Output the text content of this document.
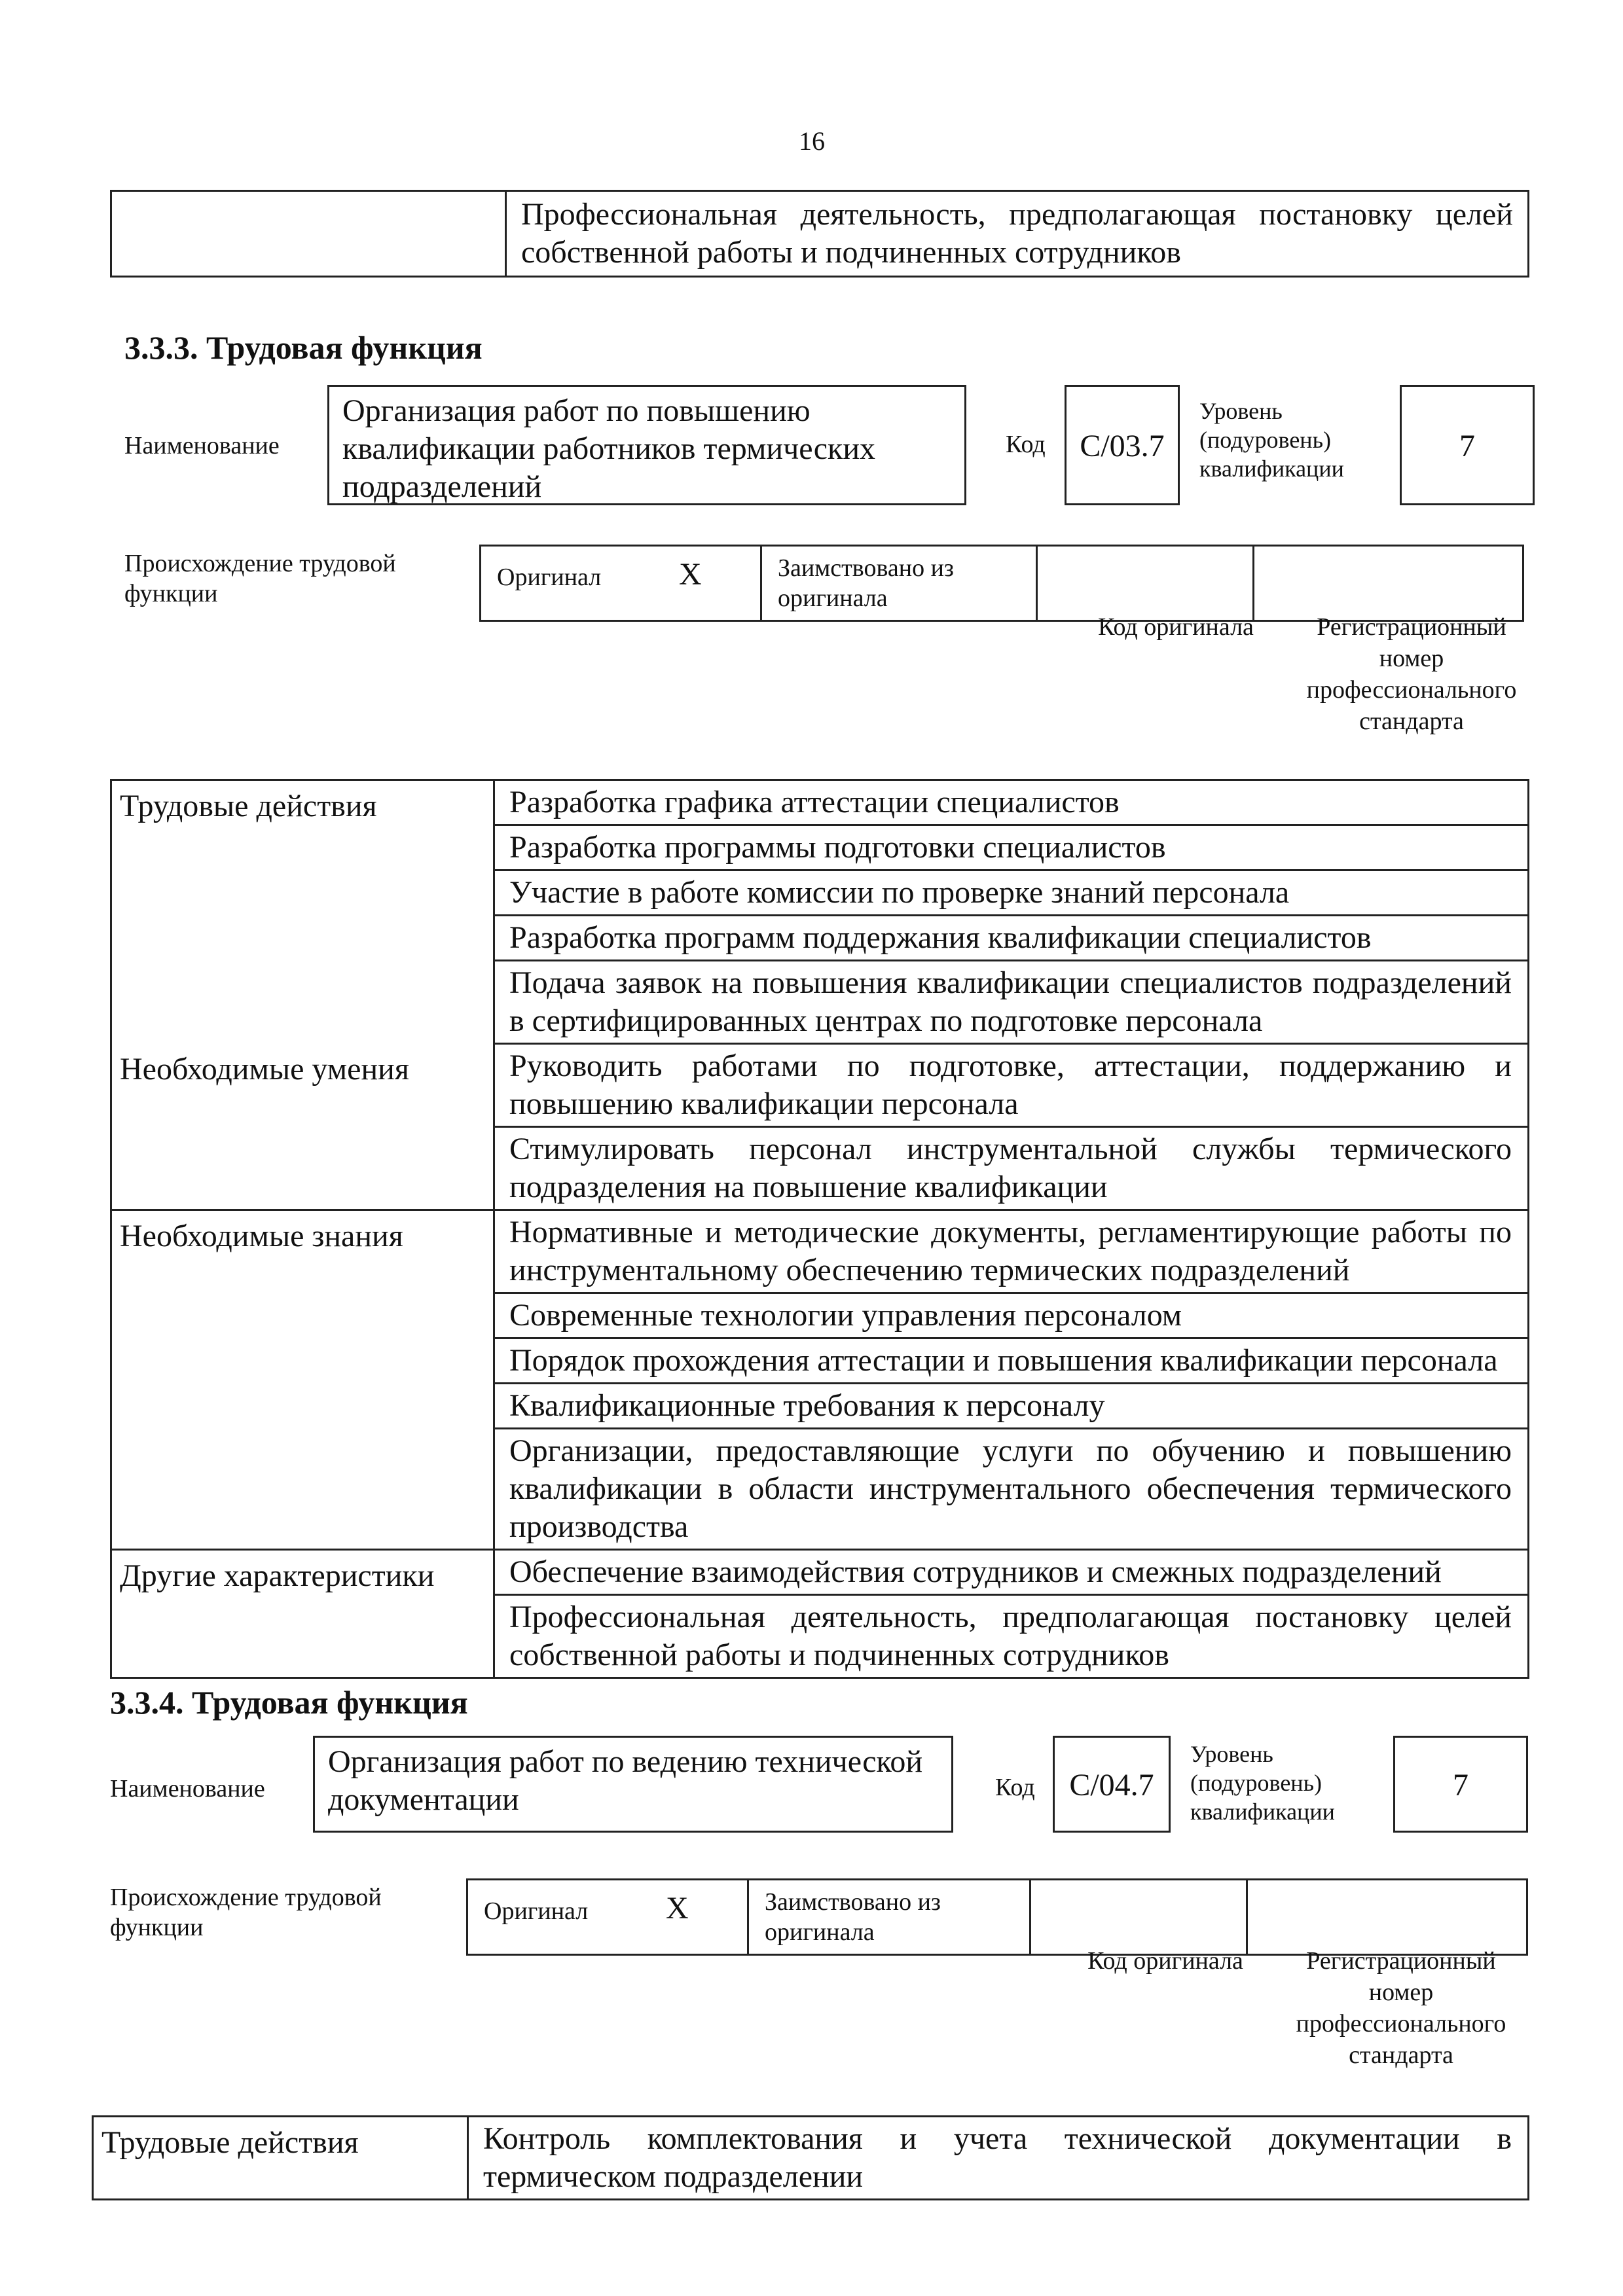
16
	Профессиональная деятельность, предполагающая постановку целей собственной работы и подчиненных сотрудников
3.3.3. Трудовая функция
Наименование
Организация работ по повышению квалификации работников термических подразделений
Код	C/03.7
Уровень (подуровень) квалификации
7
Происхождение трудовой функции
Оригинал	X	Заимствовано из оригинала		
Код оригинала	Регистрационный номер профессионального стандарта
Трудовые действия	Разработка графика аттестации специалистов
	Разработка программы подготовки специалистов
	Участие в работе комиссии по проверке знаний персонала
	Разработка программ поддержания квалификации специалистов
	Подача заявок на повышения квалификации специалистов подразделений в сертифицированных центрах по подготовке персонала
Необходимые умения	Руководить работами по подготовке, аттестации, поддержанию и повышению квалификации персонала
	Стимулировать персонал инструментальной службы термического подразделения на повышение квалификации
Необходимые знания	Нормативные и методические документы, регламентирующие работы по инструментальному обеспечению термических подразделений
	Современные технологии управления персоналом
	Порядок прохождения аттестации и повышения квалификации персонала
	Квалификационные требования к персоналу
	Организации, предоставляющие услуги по обучению и повышению квалификации в области инструментального обеспечения термического производства
Другие характеристики	Обеспечение взаимодействия сотрудников и смежных подразделений
	Профессиональная деятельность, предполагающая постановку целей собственной работы и подчиненных сотрудников
3.3.4. Трудовая функция
Наименование
Организация работ по ведению технической документации	Код	C/04.7
Уровень (подуровень) квалификации
7
Происхождение трудовой функции
Оригинал	X	Заимствовано из оригинала		
Код оригинала	Регистрационный номер профессионального стандарта
Трудовые действия	Контроль комплектования и учета технической документации в термическом подразделении
